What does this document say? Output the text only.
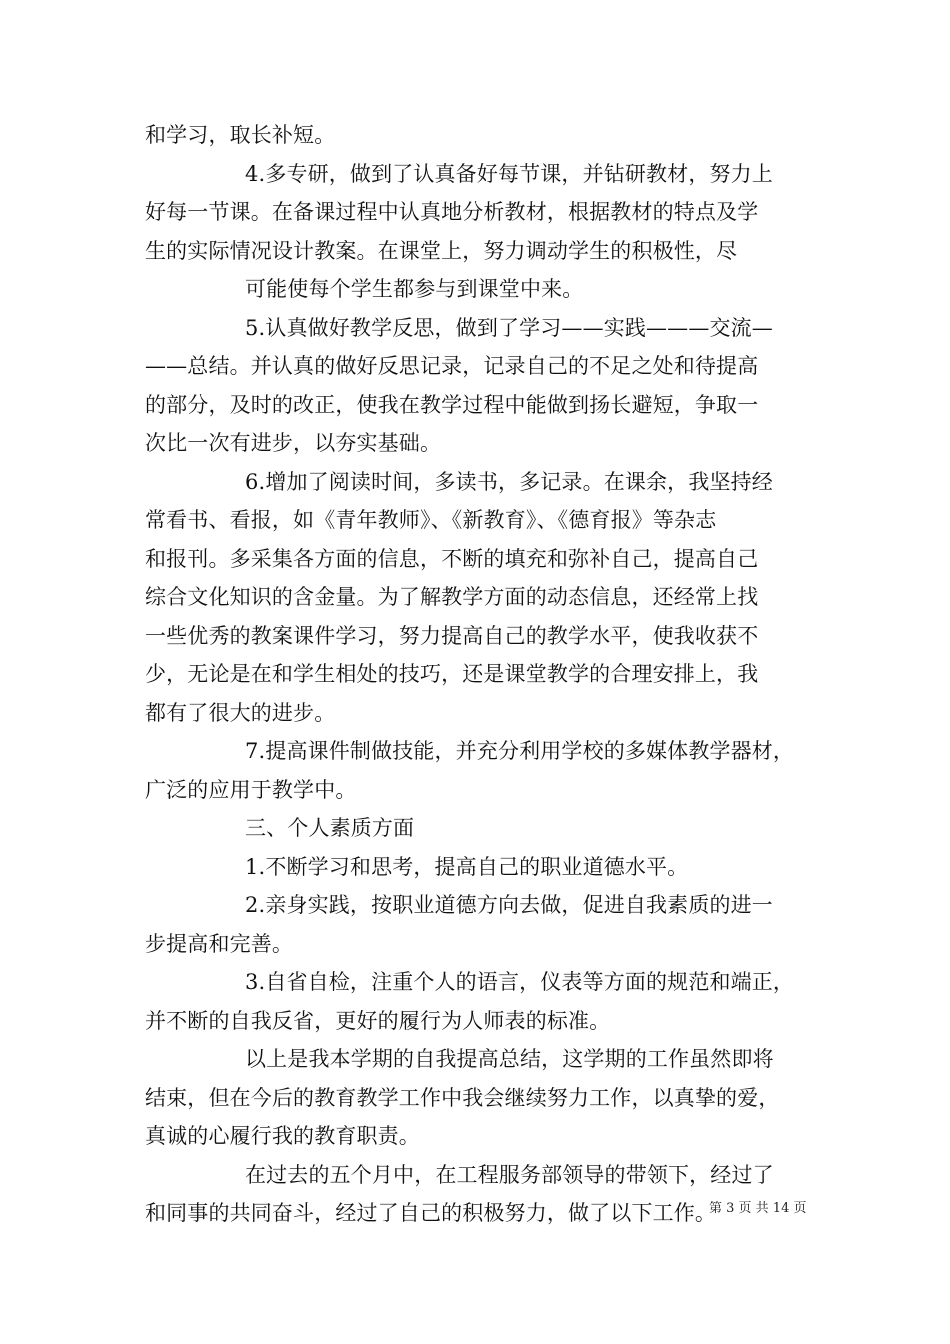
和学习，取长补短。
4.多专研，做到了认真备好每节课，并钻研教材，努力上
好每一节课。在备课过程中认真地分析教材，根据教材的特点及学
生的实际情况设计教案。在课堂上，努力调动学生的积极性，尽
可能使每个学生都参与到课堂中来。
5.认真做好教学反思，做到了学习——实践———交流—
——总结。并认真的做好反思记录，记录自己的不足之处和待提高
的部分，及时的改正，使我在教学过程中能做到扬长避短，争取一
次比一次有进步，以夯实基础。
6.增加了阅读时间，多读书，多记录。在课余，我坚持经
常看书、看报，如《青年教师》、《新教育》、《德育报》等杂志
和报刊。多采集各方面的信息，不断的填充和弥补自己，提高自己
综合文化知识的含金量。为了解教学方面的动态信息，还经常上找
一些优秀的教案课件学习，努力提高自己的教学水平，使我收获不
少，无论是在和学生相处的技巧，还是课堂教学的合理安排上，我
都有了很大的进步。
7.提高课件制做技能，并充分利用学校的多媒体教学器材，
广泛的应用于教学中。
三、个人素质方面
1.不断学习和思考，提高自己的职业道德水平。
2.亲身实践，按职业道德方向去做，促进自我素质的进一
步提高和完善。
3.自省自检，注重个人的语言，仪表等方面的规范和端正，
并不断的自我反省，更好的履行为人师表的标准。
以上是我本学期的自我提高总结，这学期的工作虽然即将
结束，但在今后的教育教学工作中我会继续努力工作，以真挚的爱，
真诚的心履行我的教育职责。
在过去的五个月中，在工程服务部领导的带领下，经过了
和同事的共同奋斗，经过了自己的积极努力，做了以下工作。
第 3 页 共 14 页
